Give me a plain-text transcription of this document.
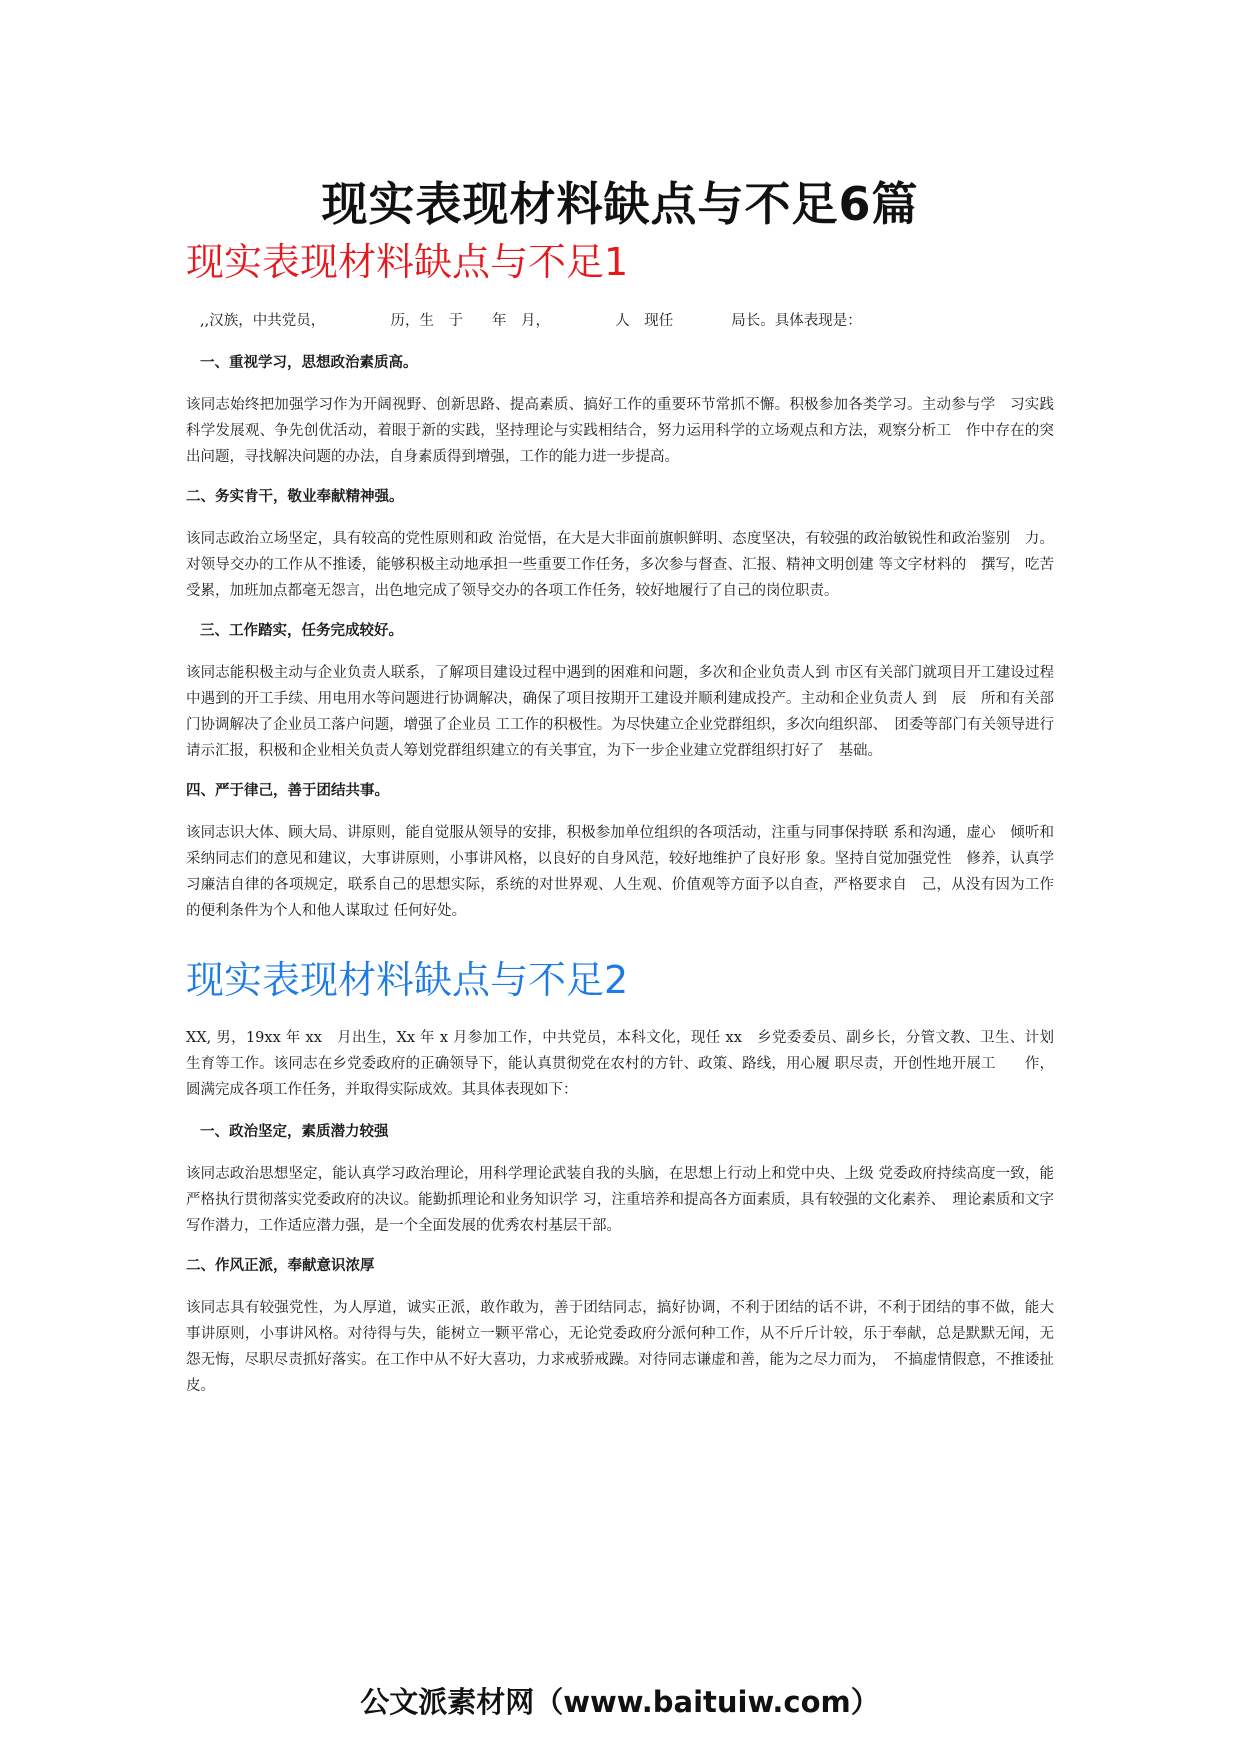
现实表现材料缺点与不足6篇
现实表现材料缺点与不足1

,,汉族，中共党员，　　　　　历，生　于　　年　月，　　　　　人　现任　　　　局长。具体表现是：

一、重视学习，思想政治素质高。

该同志始终把加强学习作为开阔视野、创新思路、提高素质、搞好工作的重要环节常抓不懈。积极参加各类学习。主动参与学　习实践科学发展观、争先创优活动，着眼于新的实践，坚持理论与实践相结合，努力运用科学的立场观点和方法，观察分析工　作中存在的突出问题，寻找解决问题的办法，自身素质得到增强，工作的能力进一步提高。

二、务实肯干，敬业奉献精神强。

该同志政治立场坚定，具有较高的党性原则和政 治觉悟，在大是大非面前旗帜鲜明、态度坚决，有较强的政治敏锐性和政治鉴别　力。对领导交办的工作从不推诿，能够积极主动地承担一些重要工作任务，多次参与督查、汇报、精神文明创建 等文字材料的　撰写，吃苦受累，加班加点都毫无怨言，出色地完成了领导交办的各项工作任务，较好地履行了自己的岗位职责。

三、工作踏实，任务完成较好。

该同志能积极主动与企业负责人联系，了解项目建设过程中遇到的困难和问题，多次和企业负责人到 市区有关部门就项目开工建设过程中遇到的开工手续、用电用水等问题进行协调解决，确保了项目按期开工建设并顺利建成投产。主动和企业负责人 到　辰　所和有关部门协调解决了企业员工落户问题，增强了企业员 工工作的积极性。为尽快建立企业党群组织，多次向组织部、　团委等部门有关领导进行请示汇报，积极和企业相关负责人筹划党群组织建立的有关事宜，为下一步企业建立党群组织打好了　基础。

四、严于律己，善于团结共事。

该同志识大体、顾大局、讲原则，能自觉服从领导的安排，积极参加单位组织的各项活动，注重与同事保持联 系和沟通，虚心　倾听和采纳同志们的意见和建议，大事讲原则，小事讲风格，以良好的自身风范，较好地维护了良好形 象。坚持自觉加强党性　修养，认真学习廉洁自律的各项规定，联系自己的思想实际，系统的对世界观、人生观、价值观等方面予以自查，严格要求自　己，从没有因为工作的便利条件为个人和他人谋取过 任何好处。

现实表现材料缺点与不足2

XX, 男，19xx 年 xx　月出生，Xx 年 x 月参加工作，中共党员，本科文化，现任 xx　乡党委委员、副乡长，分管文教、卫生、计划　生育等工作。该同志在乡党委政府的正确领导下，能认真贯彻党在农村的方针、政策、路线，用心履 职尽责，开创性地开展工　　作，圆满完成各项工作任务，并取得实际成效。其具体表现如下：

一、政治坚定，素质潜力较强

该同志政治思想坚定，能认真学习政治理论，用科学理论武装自我的头脑，在思想上行动上和党中央、上级 党委政府持续高度一致，能严格执行贯彻落实党委政府的决议。能勤抓理论和业务知识学 习，注重培养和提高各方面素质，具有较强的文化素养、　理论素质和文字写作潜力，工作适应潜力强，是一个全面发展的优秀农村基层干部。

二、作风正派，奉献意识浓厚

该同志具有较强党性，为人厚道，诚实正派，敢作敢为，善于团结同志，搞好协调，不利于团结的话不讲，不利于团结的事不做，能大事讲原则，小事讲风格。对待得与失，能树立一颗平常心，无论党委政府分派何种工作，从不斤斤计较，乐于奉献，总是默默无闻，无怨无悔，尽职尽责抓好落实。在工作中从不好大喜功，力求戒骄戒躁。对待同志谦虚和善，能为之尽力而为，　不搞虚情假意，不推诿扯皮。

公文派素材网（www.baituiw.com）
